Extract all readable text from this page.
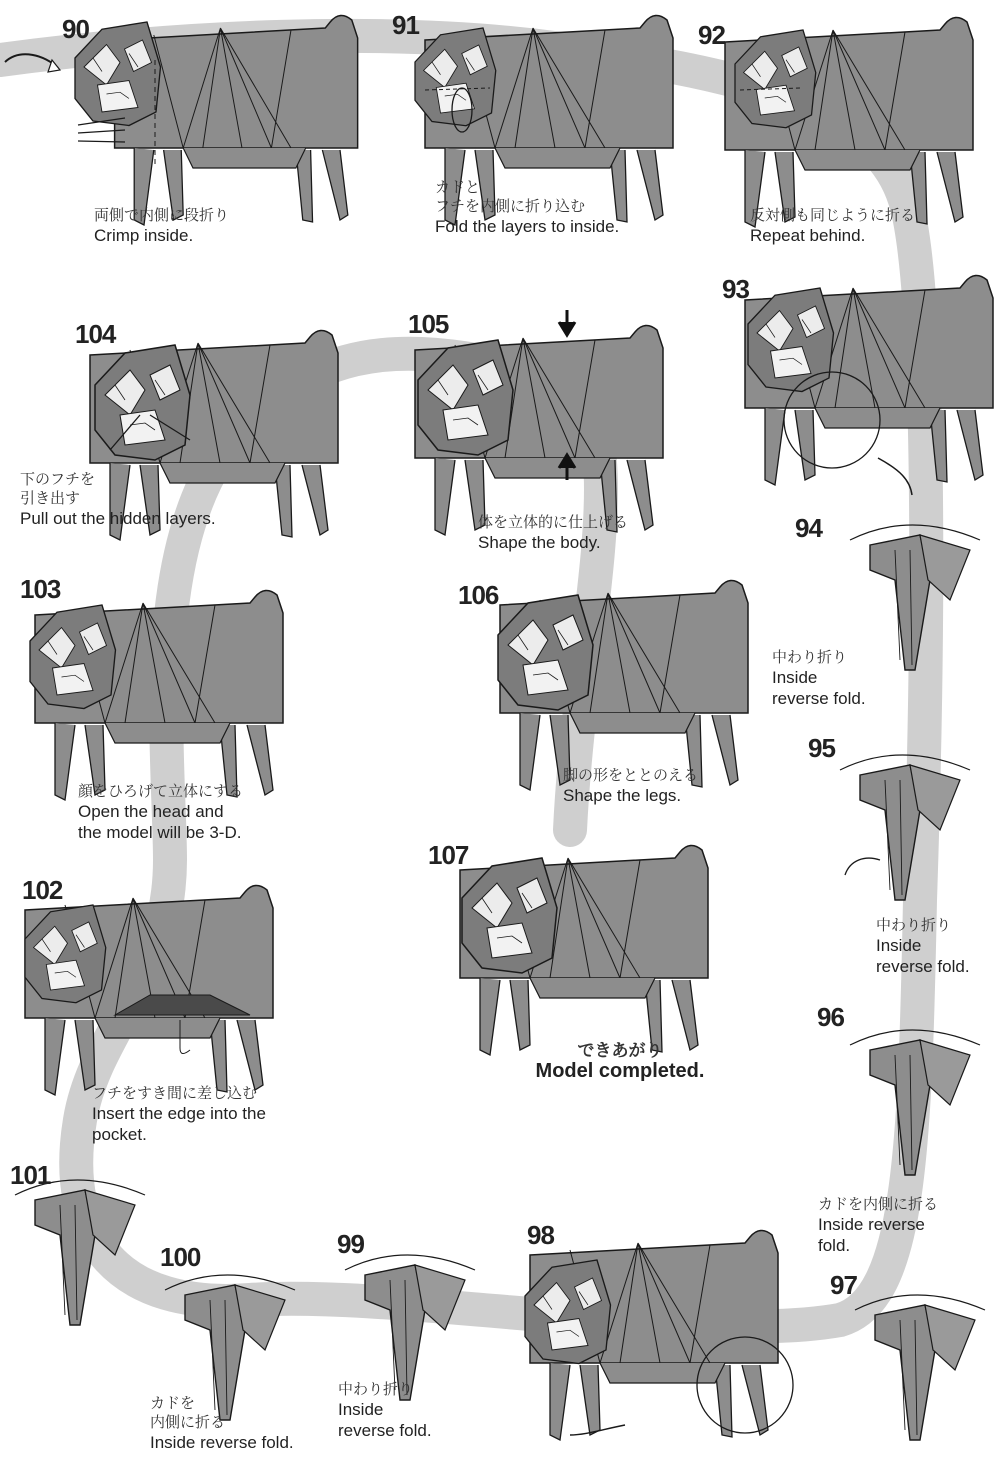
90	91	92
93
94
95
96
97
98
99
100
101
102
103
104	105
106
107
両側で内側に段折り
Crimp inside.
カドと
フチを内側に折り込む
Fold the layers to inside.
反対側も同じように折る
Repeat behind.
中わり折り
Inside
reverse fold.
中わり折り
Inside
reverse fold.
カドを内側に折る
Inside reverse
fold.
中わり折り
Inside
reverse fold.
カドを
内側に折る
Inside reverse fold.
フチをすき間に差し込む
Insert the edge into the
pocket.
顔をひろげて立体にする
Open the head and
the model will be 3-D.
下のフチを
引き出す
Pull out the hidden layers.	体を立体的に仕上げる
Shape the body.
脚の形をととのえる
Shape the legs.
できあがり
Model completed.
